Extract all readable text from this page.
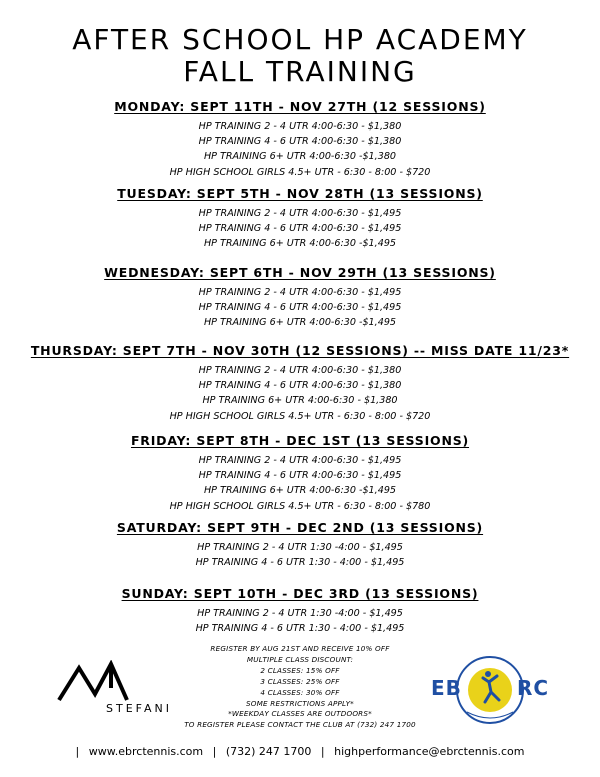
AFTER SCHOOL HP ACADEMY
FALL TRAINING
MONDAY: SEPT 11TH - NOV 27TH (12 SESSIONS)
HP TRAINING 2 - 4 UTR 4:00-6:30 - $1,380
HP TRAINING 4 - 6 UTR 4:00-6:30 - $1,380
HP TRAINING 6+ UTR 4:00-6:30 -$1,380
HP HIGH SCHOOL GIRLS 4.5+ UTR - 6:30 - 8:00 - $720
TUESDAY: SEPT 5TH - NOV 28TH (13 SESSIONS)
HP TRAINING 2 - 4 UTR 4:00-6:30 - $1,495
HP TRAINING 4 - 6 UTR 4:00-6:30 - $1,495
HP TRAINING 6+ UTR 4:00-6:30 -$1,495
WEDNESDAY: SEPT 6TH - NOV 29TH (13 SESSIONS)
HP TRAINING 2 - 4 UTR 4:00-6:30 - $1,495
HP TRAINING 4 - 6 UTR 4:00-6:30 - $1,495
HP TRAINING 6+ UTR 4:00-6:30 -$1,495
THURSDAY: SEPT 7TH - NOV 30TH (12 SESSIONS) -- MISS DATE 11/23*
HP TRAINING 2 - 4 UTR 4:00-6:30 - $1,380
HP TRAINING 4 - 6 UTR 4:00-6:30 - $1,380
HP TRAINING 6+ UTR 4:00-6:30 - $1,380
HP HIGH SCHOOL GIRLS 4.5+ UTR - 6:30 - 8:00 - $720
FRIDAY: SEPT 8TH - DEC 1ST (13 SESSIONS)
HP TRAINING 2 - 4 UTR 4:00-6:30 - $1,495
HP TRAINING 4 - 6 UTR 4:00-6:30 - $1,495
HP TRAINING 6+ UTR 4:00-6:30 -$1,495
HP HIGH SCHOOL GIRLS 4.5+ UTR - 6:30 - 8:00 - $780
SATURDAY: SEPT 9TH - DEC 2ND (13 SESSIONS)
HP TRAINING 2 - 4 UTR 1:30 -4:00 - $1,495
HP TRAINING 4 - 6 UTR 1:30 - 4:00 - $1,495
SUNDAY: SEPT 10TH - DEC 3RD (13 SESSIONS)
HP TRAINING 2 - 4 UTR 1:30 -4:00 - $1,495
HP TRAINING 4 - 6 UTR 1:30 - 4:00 - $1,495
REGISTER BY AUG 21ST AND RECEIVE 10% OFF
MULTIPLE CLASS DISCOUNT:
2 CLASSES: 15% OFF
3 CLASSES: 25% OFF
4 CLASSES: 30% OFF
SOME RESTRICTIONS APPLY*
*WEEKDAY CLASSES ARE OUTDOORS*
TO REGISTER PLEASE CONTACT THE CLUB AT (732) 247 1700
STEFANI
EB	RC
| www.ebrctennis.com | (732) 247 1700 | highperformance@ebrctennis.com
